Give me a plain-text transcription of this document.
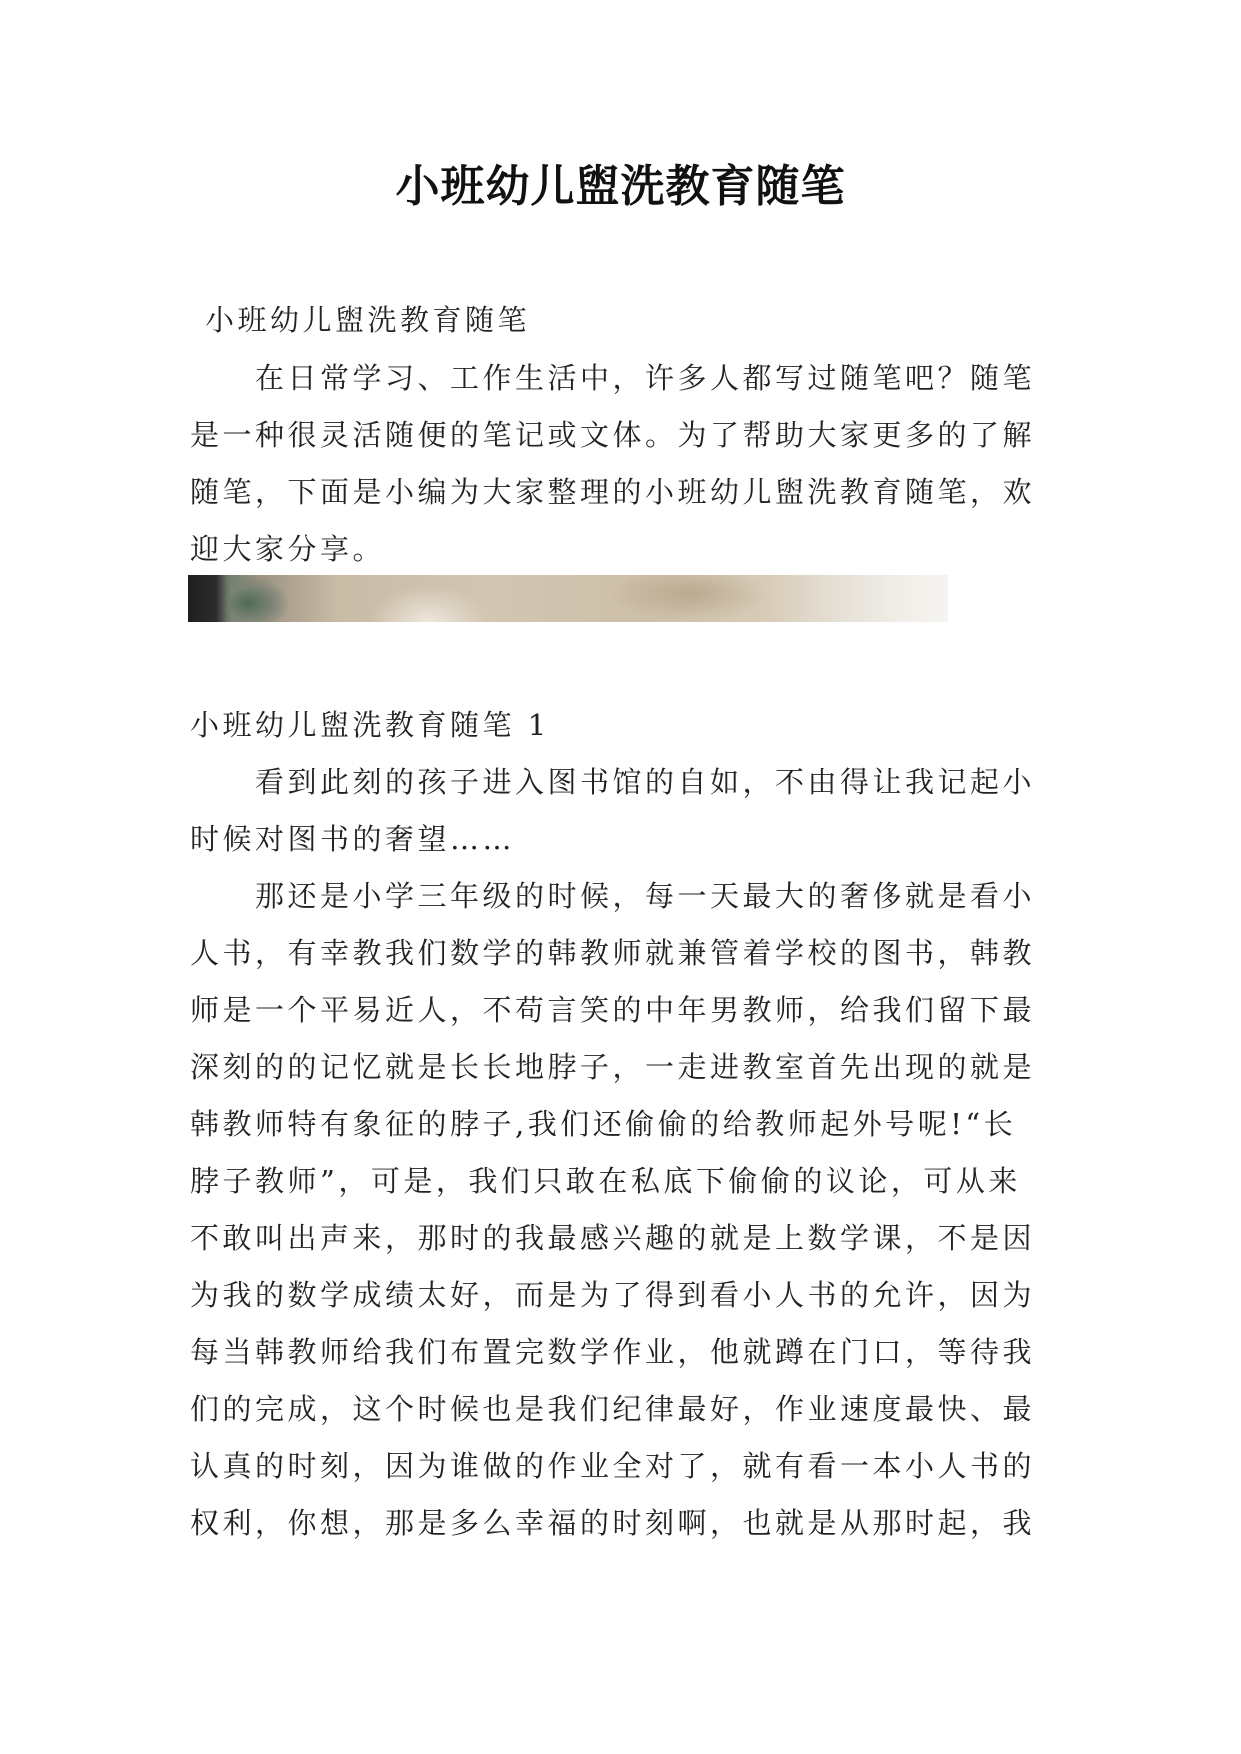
小班幼儿盥洗教育随笔
小班幼儿盥洗教育随笔
　　在日常学习、工作生活中，许多人都写过随笔吧？随笔
是一种很灵活随便的笔记或文体。为了帮助大家更多的了解
随笔，下面是小编为大家整理的小班幼儿盥洗教育随笔，欢
迎大家分享。
小班幼儿盥洗教育随笔 1
　　看到此刻的孩子进入图书馆的自如，不由得让我记起小
时候对图书的奢望……
　　那还是小学三年级的时候，每一天最大的奢侈就是看小
人书，有幸教我们数学的韩教师就兼管着学校的图书，韩教
师是一个平易近人，不苟言笑的中年男教师，给我们留下最
深刻的的记忆就是长长地脖子，一走进教室首先出现的就是
韩教师特有象征的脖子,我们还偷偷的给教师起外号呢!“长
脖子教师”，可是，我们只敢在私底下偷偷的议论，可从来
不敢叫出声来，那时的我最感兴趣的就是上数学课，不是因
为我的数学成绩太好，而是为了得到看小人书的允许，因为
每当韩教师给我们布置完数学作业，他就蹲在门口，等待我
们的完成，这个时候也是我们纪律最好，作业速度最快、最
认真的时刻，因为谁做的作业全对了，就有看一本小人书的
权利，你想，那是多么幸福的时刻啊，也就是从那时起，我
